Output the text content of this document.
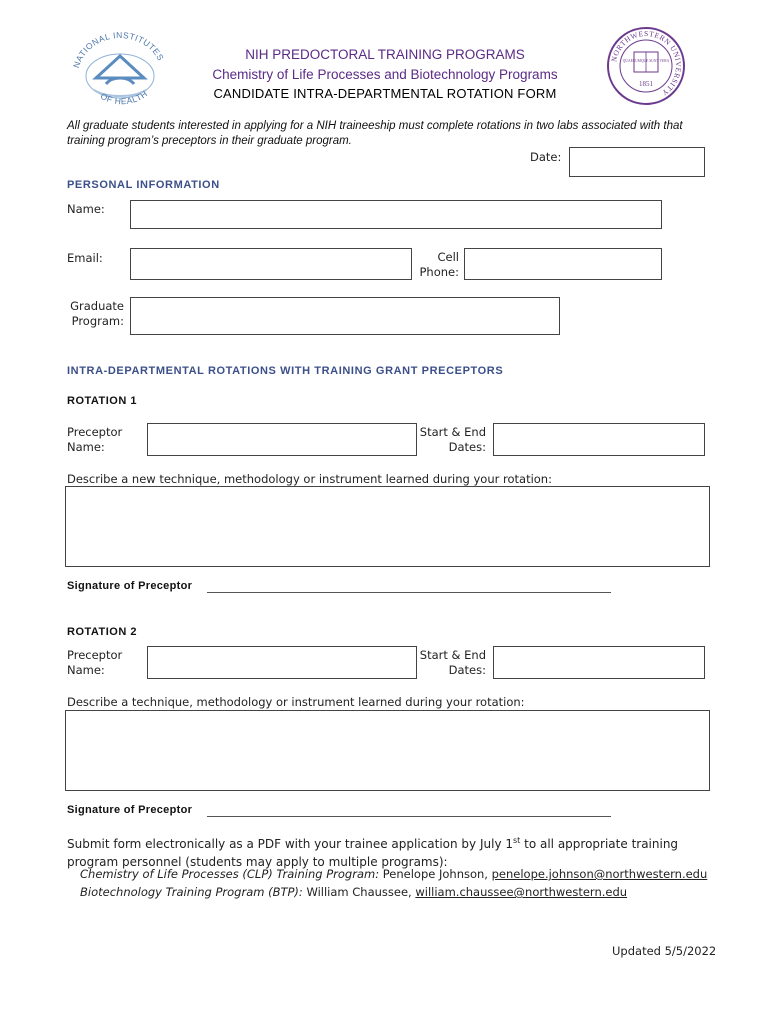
NATIONAL INSTITUTES
OF HEALTH
NORTHWESTERN UNIVERSITY
QUAECUMQUE SUNT VERA
1851
NIH PREDOCTORAL TRAINING PROGRAMS
Chemistry of Life Processes and Biotechnology Programs
CANDIDATE INTRA-DEPARTMENTAL ROTATION FORM
All graduate students interested in applying for a NIH traineeship must complete rotations in two labs associated with that training program’s preceptors in their graduate program.
Date:
PERSONAL INFORMATION
Name:
Email:	Cell
Phone:
Graduate
Program:
INTRA-DEPARTMENTAL ROTATIONS WITH TRAINING GRANT PRECEPTORS
ROTATION 1
Preceptor
Name:
Start & End
Dates:
Describe a new technique, methodology or instrument learned during your rotation:
Signature of Preceptor
ROTATION 2
Preceptor
Name:
Start & End
Dates:
Describe a technique, methodology or instrument learned during your rotation:
Signature of Preceptor
Submit form electronically as a PDF with your trainee application by July 1st to all appropriate training program personnel (students may apply to multiple programs):
Chemistry of Life Processes (CLP) Training Program: Penelope Johnson, penelope.johnson@northwestern.edu
Biotechnology Training Program (BTP): William Chaussee, william.chaussee@northwestern.edu
Updated 5/5/2022
